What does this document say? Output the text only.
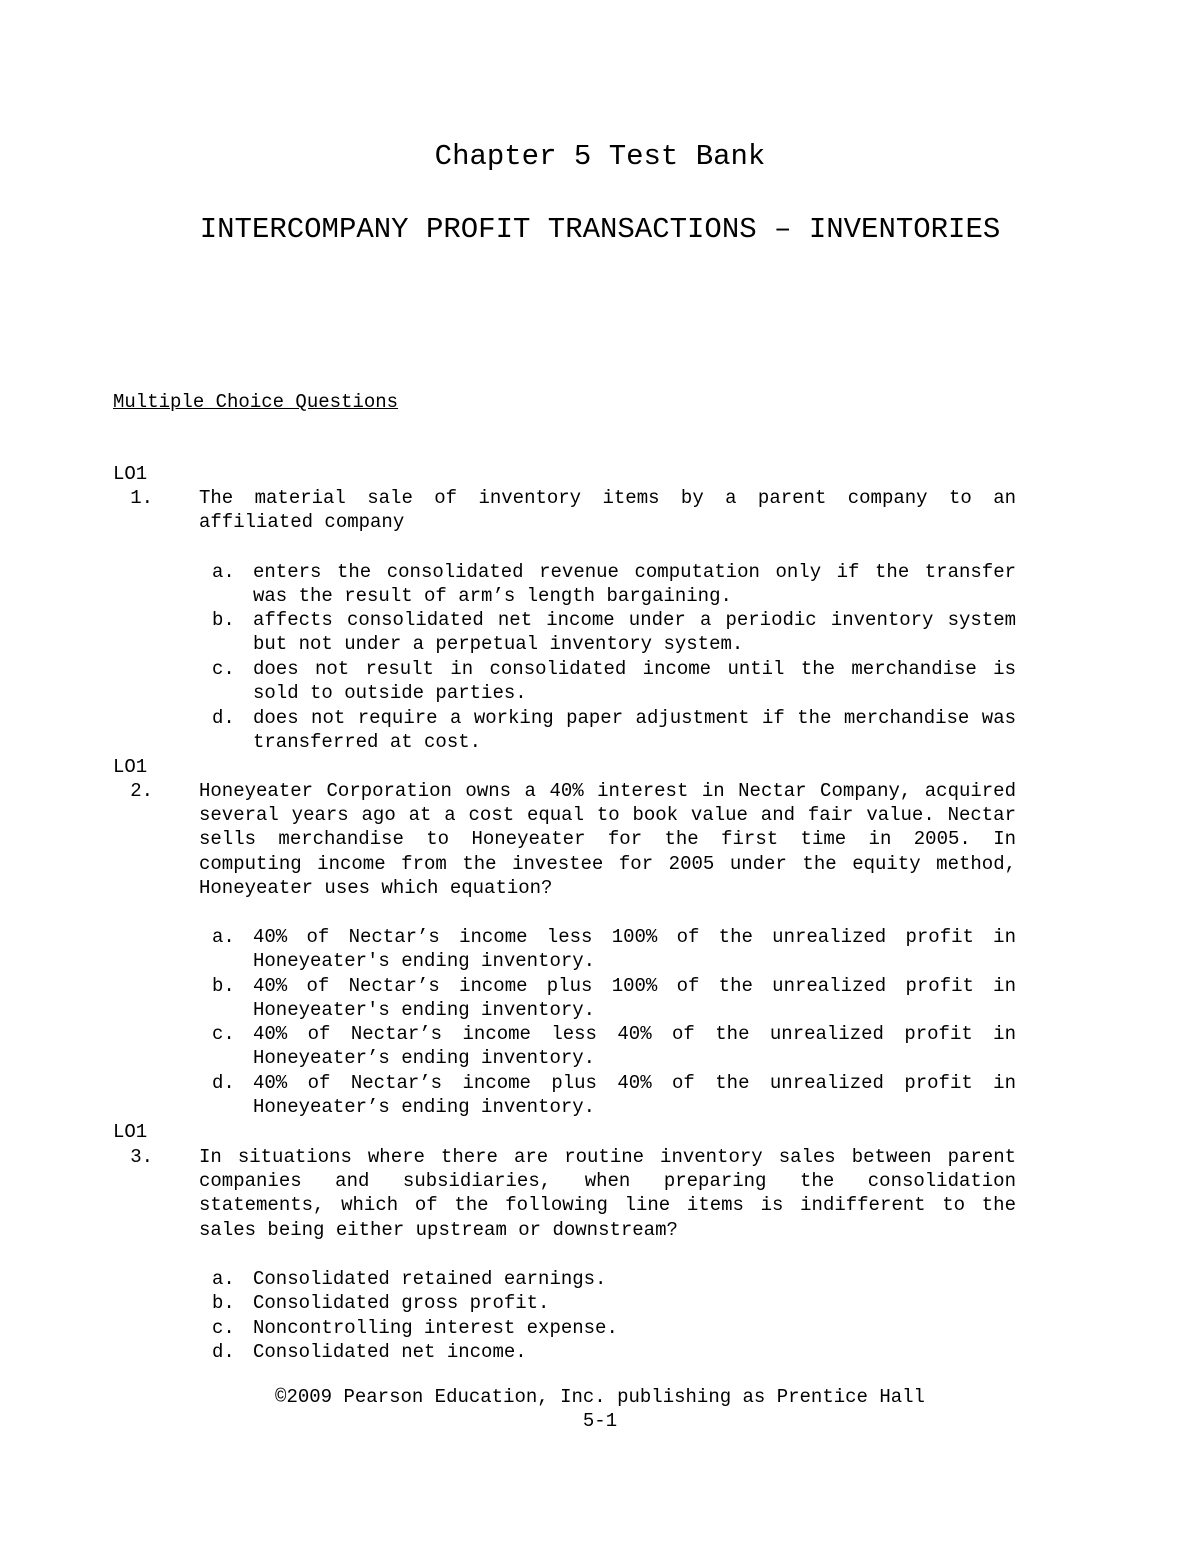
Chapter 5 Test Bank
INTERCOMPANY PROFIT TRANSACTIONS – INVENTORIES
Multiple Choice Questions
LO1
1. The material sale of inventory items by a parent company to an affiliated company
a. enters the consolidated revenue computation only if the transfer was the result of arm’s length bargaining.
b. affects consolidated net income under a periodic inventory system but not under a perpetual inventory system.
c. does not result in consolidated income until the merchandise is sold to outside parties.
d. does not require a working paper adjustment if the merchandise was transferred at cost.
LO1
2. Honeyeater Corporation owns a 40% interest in Nectar Company, acquired several years ago at a cost equal to book value and fair value. Nectar sells merchandise to Honeyeater for the first time in 2005. In computing income from the investee for 2005 under the equity method, Honeyeater uses which equation?
a. 40% of Nectar’s income less 100% of the unrealized profit in Honeyeater's ending inventory.
b. 40% of Nectar’s income plus 100% of the unrealized profit in Honeyeater's ending inventory.
c. 40% of Nectar’s income less 40% of the unrealized profit in Honeyeater’s ending inventory.
d. 40% of Nectar’s income plus 40% of the unrealized profit in Honeyeater’s ending inventory.
LO1
3. In situations where there are routine inventory sales between parent companies and subsidiaries, when preparing the consolidation statements, which of the following line items is indifferent to the sales being either upstream or downstream?
a. Consolidated retained earnings.
b. Consolidated gross profit.
c. Noncontrolling interest expense.
d. Consolidated net income.
©2009 Pearson Education, Inc. publishing as Prentice Hall
5-1
